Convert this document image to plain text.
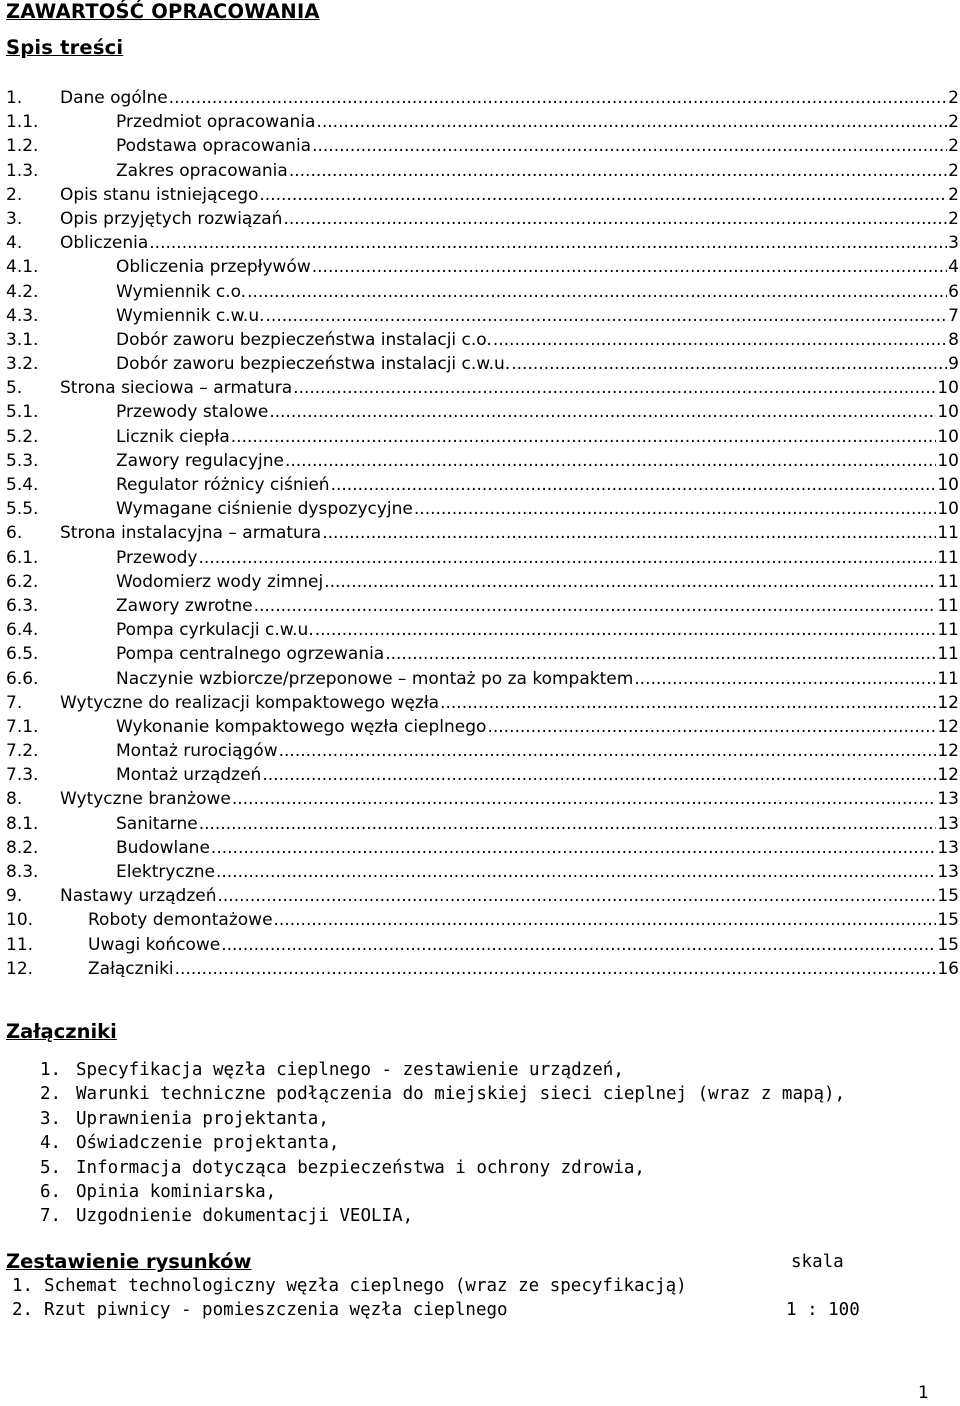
ZAWARTOŚĆ OPRACOWANIA
Spis treści
1. Dane ogólne .....	2
1.1.	Przedmiot opracowania .....	2
1.2.	Podstawa opracowania .....	2
1.3.	Zakres opracowania .....	2
2. Opis stanu istniejącego .....	2
3. Opis przyjętych rozwiązań .....	2
4. Obliczenia .....	3
4.1.	Obliczenia przepływów .....	4
4.2.	Wymiennik c.o. .....	6
4.3.	Wymiennik c.w.u. .....	7
3.1.	Dobór zaworu bezpieczeństwa instalacji c.o. .....	8
3.2.	Dobór zaworu bezpieczeństwa instalacji c.w.u. .....	9
5. Strona sieciowa – armatura .....	10
5.1.	Przewody stalowe .....	10
5.2.	Licznik ciepła .....	10
5.3.	Zawory regulacyjne .....	10
5.4.	Regulator różnicy ciśnień .....	10
5.5.	Wymagane ciśnienie dyspozycyjne .....	10
6. Strona instalacyjna – armatura .....	11
6.1.	Przewody .....	11
6.2.	Wodomierz wody zimnej .....	11
6.3.	Zawory zwrotne .....	11
6.4.	Pompa cyrkulacji c.w.u. .....	11
6.5.	Pompa centralnego ogrzewania .....	11
6.6.	Naczynie wzbiorcze/przeponowe – montaż po za kompaktem .....	11
7. Wytyczne do realizacji kompaktowego węzła .....	12
7.1.	Wykonanie kompaktowego węzła cieplnego .....	12
7.2.	Montaż rurociągów .....	12
7.3.	Montaż urządzeń .....	12
8. Wytyczne branżowe .....	13
8.1.	Sanitarne .....	13
8.2.	Budowlane .....	13
8.3.	Elektryczne .....	13
9. Nastawy urządzeń .....	15
10.	Roboty demontażowe .....	15
11.	Uwagi końcowe .....	15
12.	Załączniki .....	16
Załączniki
1. Specyfikacja węzła cieplnego - zestawienie urządzeń,
2. Warunki techniczne podłączenia do miejskiej sieci cieplnej (wraz z mapą),
3. Uprawnienia projektanta,
4. Oświadczenie projektanta,
5. Informacja dotycząca bezpieczeństwa i ochrony zdrowia,
6. Opinia kominiarska,
7. Uzgodnienie dokumentacji VEOLIA,
Zestawienie rysunków	skala
1. Schemat technologiczny węzła cieplnego (wraz ze specyfikacją)
2. Rzut piwnicy - pomieszczenia węzła cieplnego	1 : 100
1
